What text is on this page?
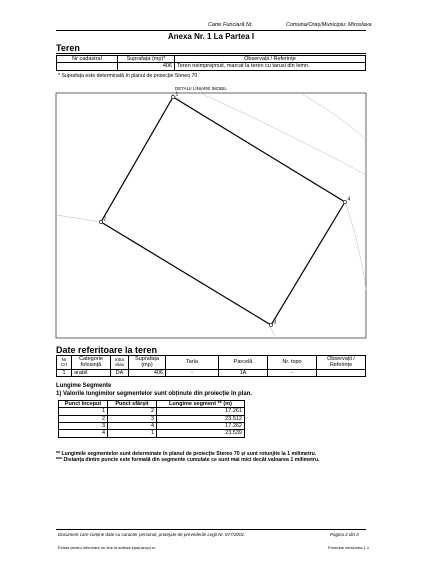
Carte Funciară Nr.	Comuna/Oraș/Municipiu: Miroslava
Anexa Nr. 1 La Partea I
Teren
Nr cadastral	Suprafața (mp)*	Observații / Referințe
	406	Teren neimprejmuit, marcat la teren cu tarusi din lemn.
* Suprafața este determinată în planul de proiecție Stereo 70.
DETALII LINIARE IMOBIL
1
2
3
4
Date referitoare la teren
Nr Crt	Categorie folosință	Intra vilan	Suprafața (mp)	Tarla	Parcelă	Nr. topo	Observații / Referințe
1	arabil	DA	406	-	1A	-	
Lungime Segmente
1) Valorile lungimilor segmentelor sunt obținute din proiecție în plan.
Punct început	Punct sfârșit	Lungime segment ** (m)
1	2	17.261
2	3	23.512
3	4	17.262
4	1	23.539
** Lungimile segmentelor sunt determinate în planul de proiecție Stereo 70 și sunt rotunjite la 1 milimetru.
*** Distanța dintre puncte este formată din segmente cumulate ce sunt mai mici decât valoarea 1 milimetru.
Document care conține date cu caracter personal, protejate de prevederile Legii Nr. 677/2001.	Pagina 2 din 3
Extras pentru informare on-line la adresa epay.ancpi.ro	Formular versiunea 1.1
